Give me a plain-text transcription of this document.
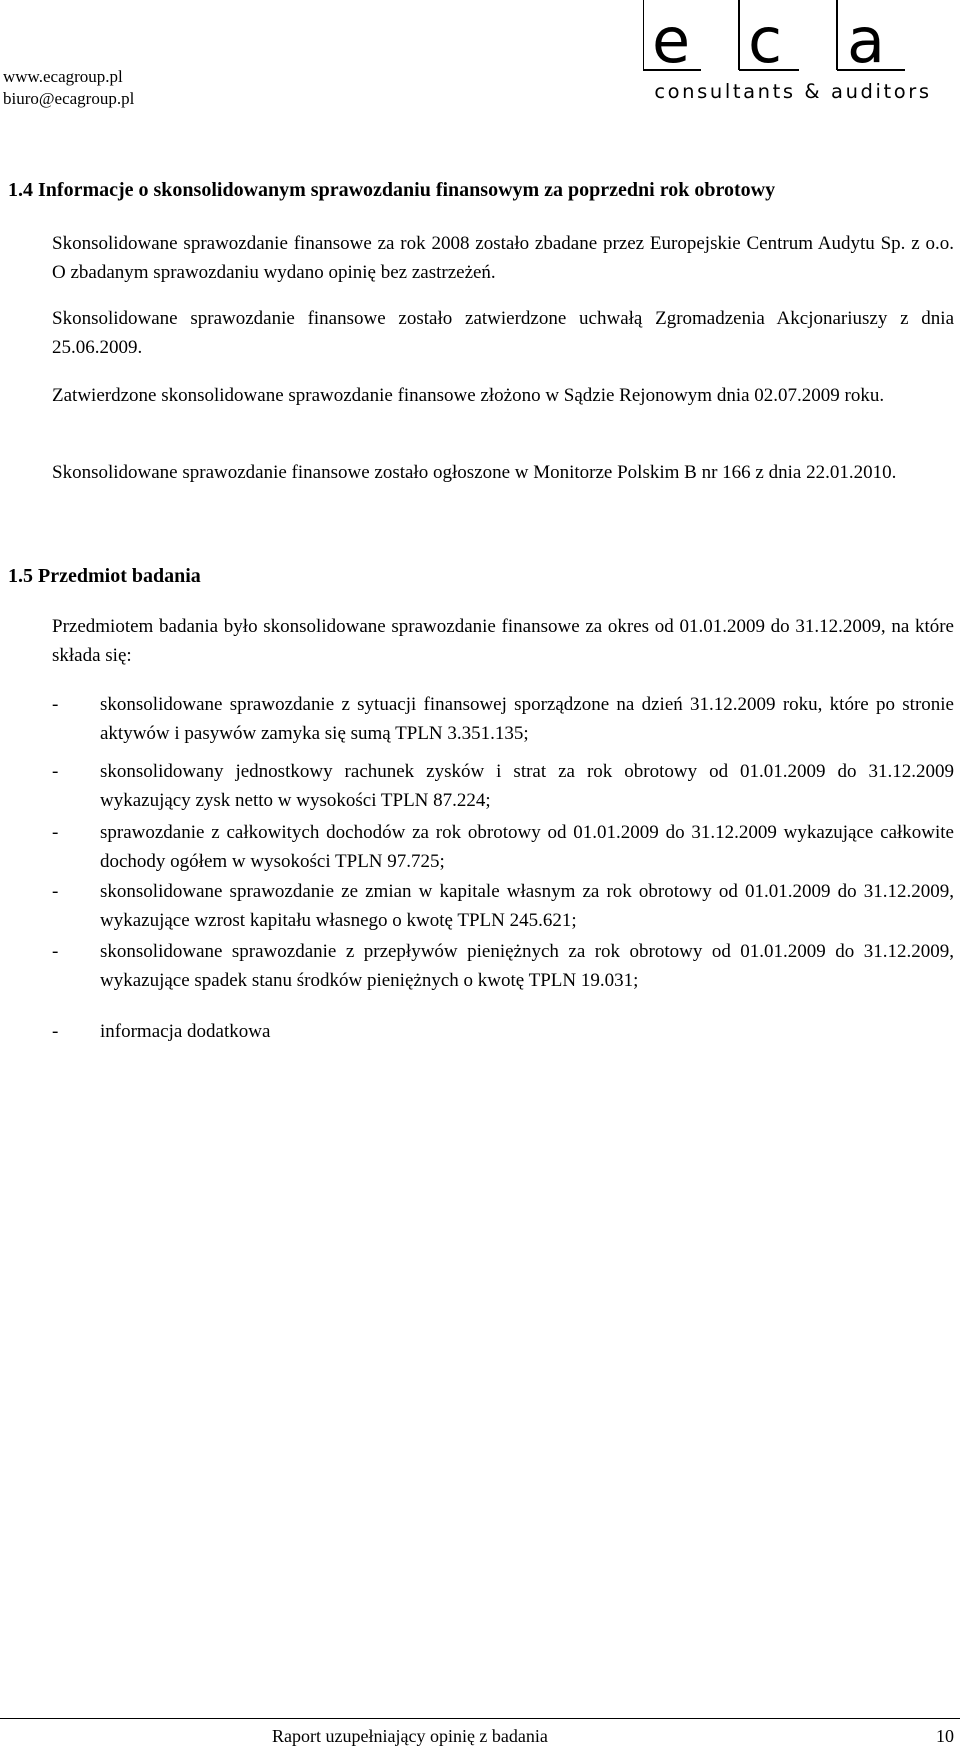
www.ecagroup.pl
biuro@ecagroup.pl
e c a
consultants & auditors
1.4 Informacje o skonsolidowanym sprawozdaniu finansowym za poprzedni rok obrotowy
Skonsolidowane sprawozdanie finansowe za rok 2008 zostało zbadane przez Europejskie Centrum Audytu Sp. z o.o. O zbadanym sprawozdaniu wydano opinię bez zastrzeżeń.
Skonsolidowane sprawozdanie finansowe zostało zatwierdzone uchwałą Zgromadzenia Akcjonariuszy z dnia 25.06.2009.
Zatwierdzone skonsolidowane sprawozdanie finansowe złożono w Sądzie Rejonowym dnia 02.07.2009 roku.
Skonsolidowane sprawozdanie finansowe zostało ogłoszone w Monitorze Polskim B nr 166 z dnia 22.01.2010.
1.5 Przedmiot badania
Przedmiotem badania było skonsolidowane sprawozdanie finansowe za okres od 01.01.2009 do 31.12.2009, na które składa się:
- skonsolidowane sprawozdanie z sytuacji finansowej sporządzone na dzień 31.12.2009 roku, które po stronie aktywów i pasywów zamyka się sumą TPLN 3.351.135;
- skonsolidowany jednostkowy rachunek zysków i strat za rok obrotowy od 01.01.2009 do 31.12.2009 wykazujący zysk netto w wysokości TPLN 87.224;
- sprawozdanie z całkowitych dochodów za rok obrotowy od 01.01.2009 do 31.12.2009 wykazujące całkowite dochody ogółem w wysokości TPLN 97.725;
- skonsolidowane sprawozdanie ze zmian w kapitale własnym za rok obrotowy od 01.01.2009 do 31.12.2009, wykazujące wzrost kapitału własnego o kwotę TPLN 245.621;
- skonsolidowane sprawozdanie z przepływów pieniężnych za rok obrotowy od 01.01.2009 do 31.12.2009, wykazujące spadek stanu środków pieniężnych o kwotę TPLN 19.031;
- informacja dodatkowa
Raport uzupełniający opinię z badania	10
